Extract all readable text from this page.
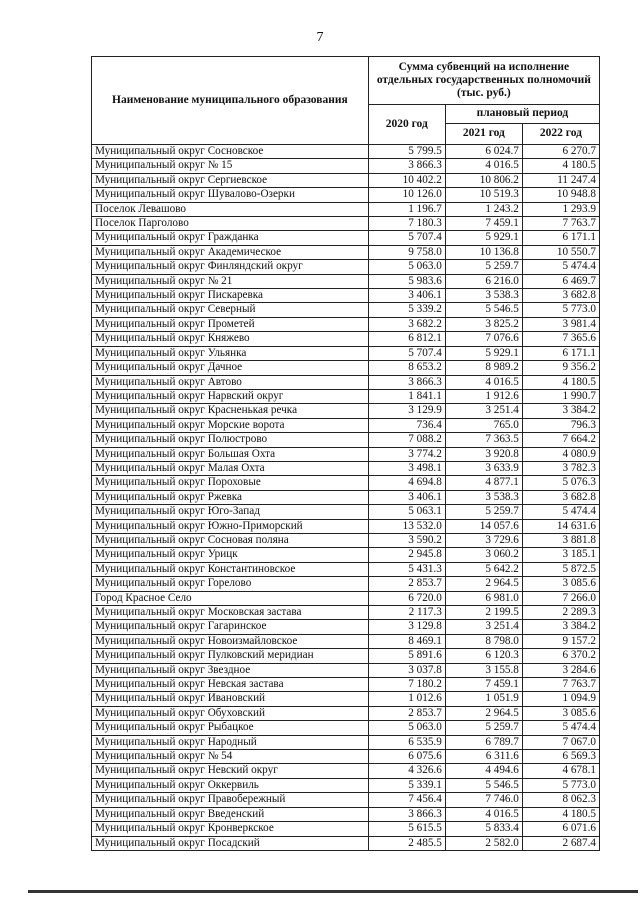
7
Наименование муниципального образования	Сумма субвенций на исполнение отдельных государственных полномочий (тыс. руб.)		
	2020 год	плановый период	
		2021 год	2022 год
Муниципальный округ Сосновское	5 799.5	6 024.7	6 270.7
Муниципальный округ № 15	3 866.3	4 016.5	4 180.5
Муниципальный округ Сергиевское	10 402.2	10 806.2	11 247.4
Муниципальный округ Шувалово-Озерки	10 126.0	10 519.3	10 948.8
Поселок Левашово	1 196.7	1 243.2	1 293.9
Поселок Парголово	7 180.3	7 459.1	7 763.7
Муниципальный округ Гражданка	5 707.4	5 929.1	6 171.1
Муниципальный округ Академическое	9 758.0	10 136.8	10 550.7
Муниципальный округ Финляндский округ	5 063.0	5 259.7	5 474.4
Муниципальный округ № 21	5 983.6	6 216.0	6 469.7
Муниципальный округ Пискаревка	3 406.1	3 538.3	3 682.8
Муниципальный округ Северный	5 339.2	5 546.5	5 773.0
Муниципальный округ Прометей	3 682.2	3 825.2	3 981.4
Муниципальный округ Княжево	6 812.1	7 076.6	7 365.6
Муниципальный округ Ульянка	5 707.4	5 929.1	6 171.1
Муниципальный округ Дачное	8 653.2	8 989.2	9 356.2
Муниципальный округ Автово	3 866.3	4 016.5	4 180.5
Муниципальный округ Нарвский округ	1 841.1	1 912.6	1 990.7
Муниципальный округ Красненькая речка	3 129.9	3 251.4	3 384.2
Муниципальный округ Морские ворота	736.4	765.0	796.3
Муниципальный округ Полюстрово	7 088.2	7 363.5	7 664.2
Муниципальный округ Большая Охта	3 774.2	3 920.8	4 080.9
Муниципальный округ Малая Охта	3 498.1	3 633.9	3 782.3
Муниципальный округ Пороховые	4 694.8	4 877.1	5 076.3
Муниципальный округ Ржевка	3 406.1	3 538.3	3 682.8
Муниципальный округ Юго-Запад	5 063.1	5 259.7	5 474.4
Муниципальный округ Южно-Приморский	13 532.0	14 057.6	14 631.6
Муниципальный округ Сосновая поляна	3 590.2	3 729.6	3 881.8
Муниципальный округ Урицк	2 945.8	3 060.2	3 185.1
Муниципальный округ Константиновское	5 431.3	5 642.2	5 872.5
Муниципальный округ Горелово	2 853.7	2 964.5	3 085.6
Город Красное Село	6 720.0	6 981.0	7 266.0
Муниципальный округ Московская застава	2 117.3	2 199.5	2 289.3
Муниципальный округ Гагаринское	3 129.8	3 251.4	3 384.2
Муниципальный округ Новоизмайловское	8 469.1	8 798.0	9 157.2
Муниципальный округ Пулковский меридиан	5 891.6	6 120.3	6 370.2
Муниципальный округ Звездное	3 037.8	3 155.8	3 284.6
Муниципальный округ Невская застава	7 180.2	7 459.1	7 763.7
Муниципальный округ Ивановский	1 012.6	1 051.9	1 094.9
Муниципальный округ Обуховский	2 853.7	2 964.5	3 085.6
Муниципальный округ Рыбацкое	5 063.0	5 259.7	5 474.4
Муниципальный округ Народный	6 535.9	6 789.7	7 067.0
Муниципальный округ № 54	6 075.6	6 311.6	6 569.3
Муниципальный округ Невский округ	4 326.6	4 494.6	4 678.1
Муниципальный округ Оккервиль	5 339.1	5 546.5	5 773.0
Муниципальный округ Правобережный	7 456.4	7 746.0	8 062.3
Муниципальный округ Введенский	3 866.3	4 016.5	4 180.5
Муниципальный округ Кронверкское	5 615.5	5 833.4	6 071.6
Муниципальный округ Посадский	2 485.5	2 582.0	2 687.4
